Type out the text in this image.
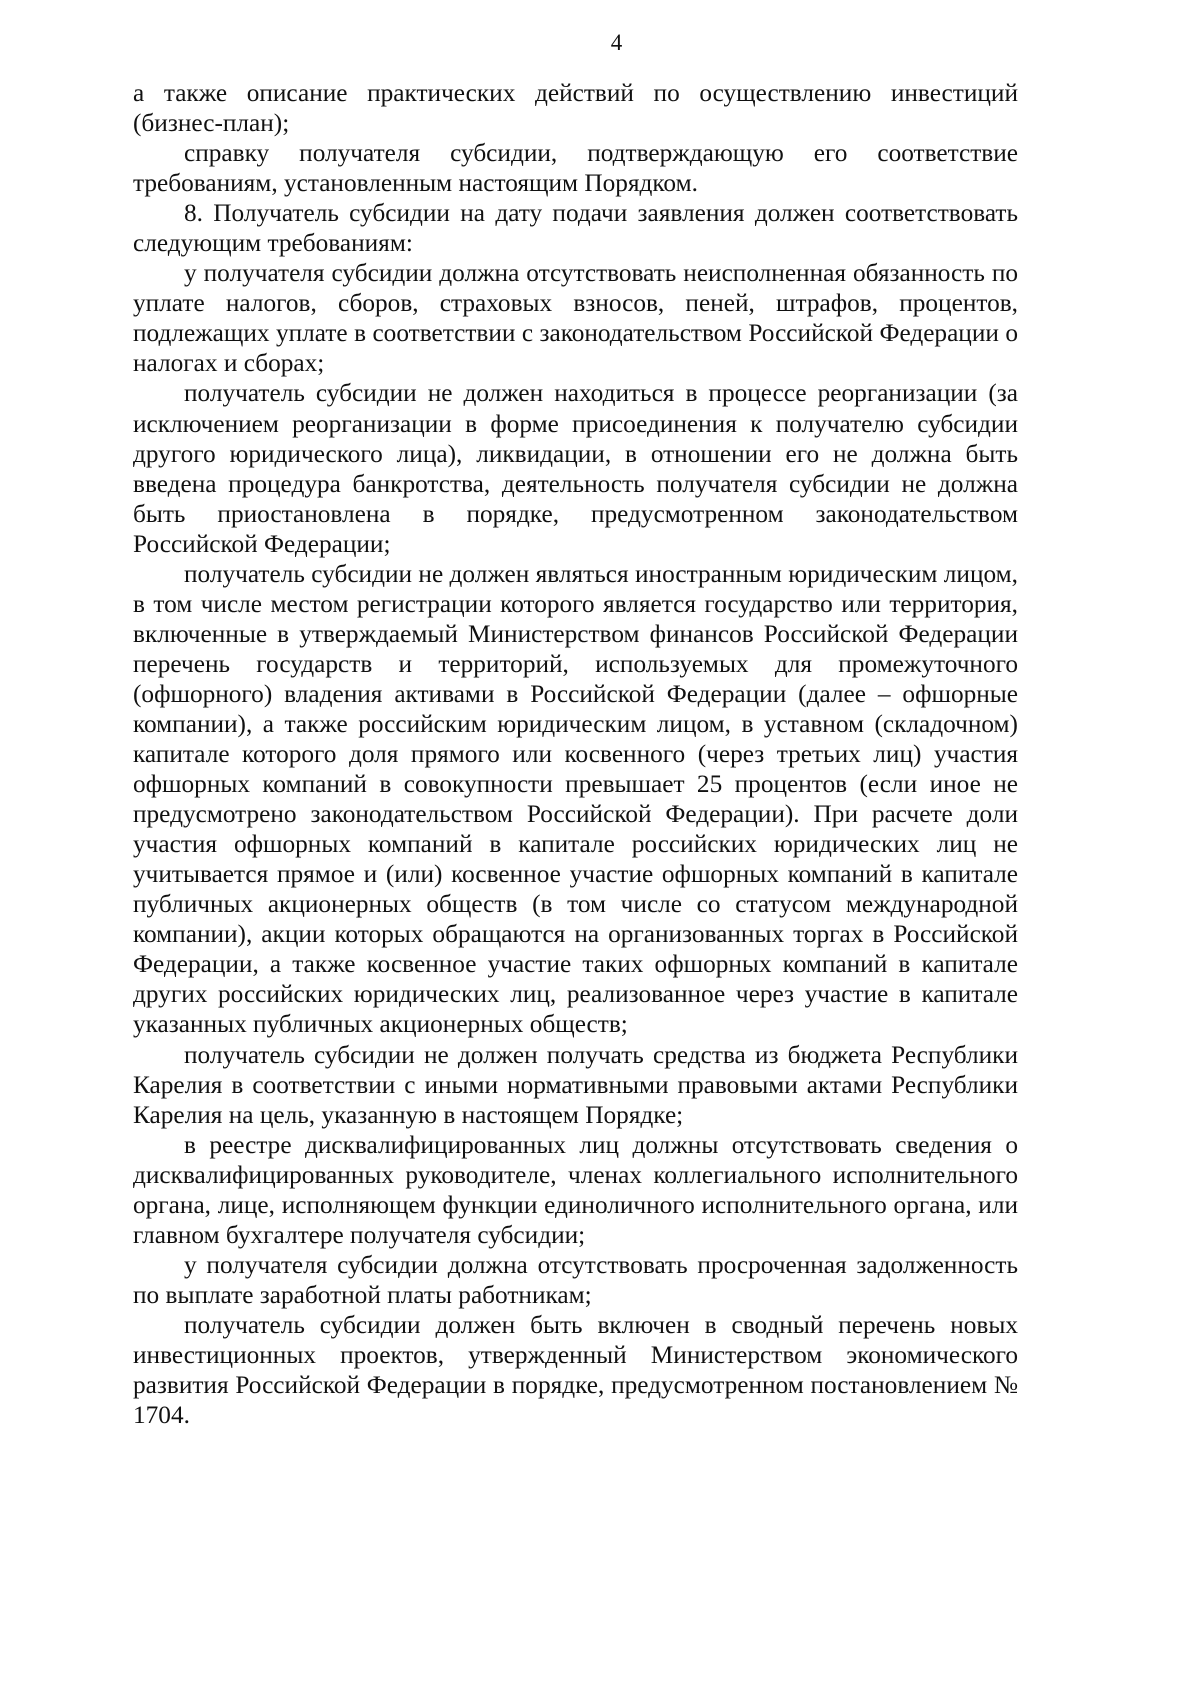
4

а также описание практических действий по осуществлению инвестиций (бизнес-план);

справку получателя субсидии, подтверждающую его соответствие требованиям, установленным настоящим Порядком.

8. Получатель субсидии на дату подачи заявления должен соответствовать следующим требованиям:

у получателя субсидии должна отсутствовать неисполненная обязанность по уплате налогов, сборов, страховых взносов, пеней, штрафов, процентов, подлежащих уплате в соответствии с законодательством Российской Федерации о налогах и сборах;

получатель субсидии не должен находиться в процессе реорганизации (за исключением реорганизации в форме присоединения к получателю субсидии другого юридического лица), ликвидации, в отношении его не должна быть введена процедура банкротства, деятельность получателя субсидии не должна быть приостановлена в порядке, предусмотренном законодательством Российской Федерации;

получатель субсидии не должен являться иностранным юридическим лицом, в том числе местом регистрации которого является государство или территория, включенные в утверждаемый Министерством финансов Российской Федерации перечень государств и территорий, используемых для промежуточного (офшорного) владения активами в Российской Федерации (далее – офшорные компании), а также российским юридическим лицом, в уставном (складочном) капитале которого доля прямого или косвенного (через третьих лиц) участия офшорных компаний в совокупности превышает 25 процентов (если иное не предусмотрено законодательством Российской Федерации). При расчете доли участия офшорных компаний в капитале российских юридических лиц не учитывается прямое и (или) косвенное участие офшорных компаний в капитале публичных акционерных обществ (в том числе со статусом международной компании), акции которых обращаются на организованных торгах в Российской Федерации, а также косвенное участие таких офшорных компаний в капитале других российских юридических лиц, реализованное через участие в капитале указанных публичных акционерных обществ;

получатель субсидии не должен получать средства из бюджета Республики Карелия в соответствии с иными нормативными правовыми актами Республики Карелия на цель, указанную в настоящем Порядке;

в реестре дисквалифицированных лиц должны отсутствовать сведения о дисквалифицированных руководителе, членах коллегиального исполнительного органа, лице, исполняющем функции единоличного исполнительного органа, или главном бухгалтере получателя субсидии;

у получателя субсидии должна отсутствовать просроченная задолженность по выплате заработной платы работникам;

получатель субсидии должен быть включен в сводный перечень новых инвестиционных проектов, утвержденный Министерством экономического развития Российской Федерации в порядке, предусмотренном постановлением № 1704.
